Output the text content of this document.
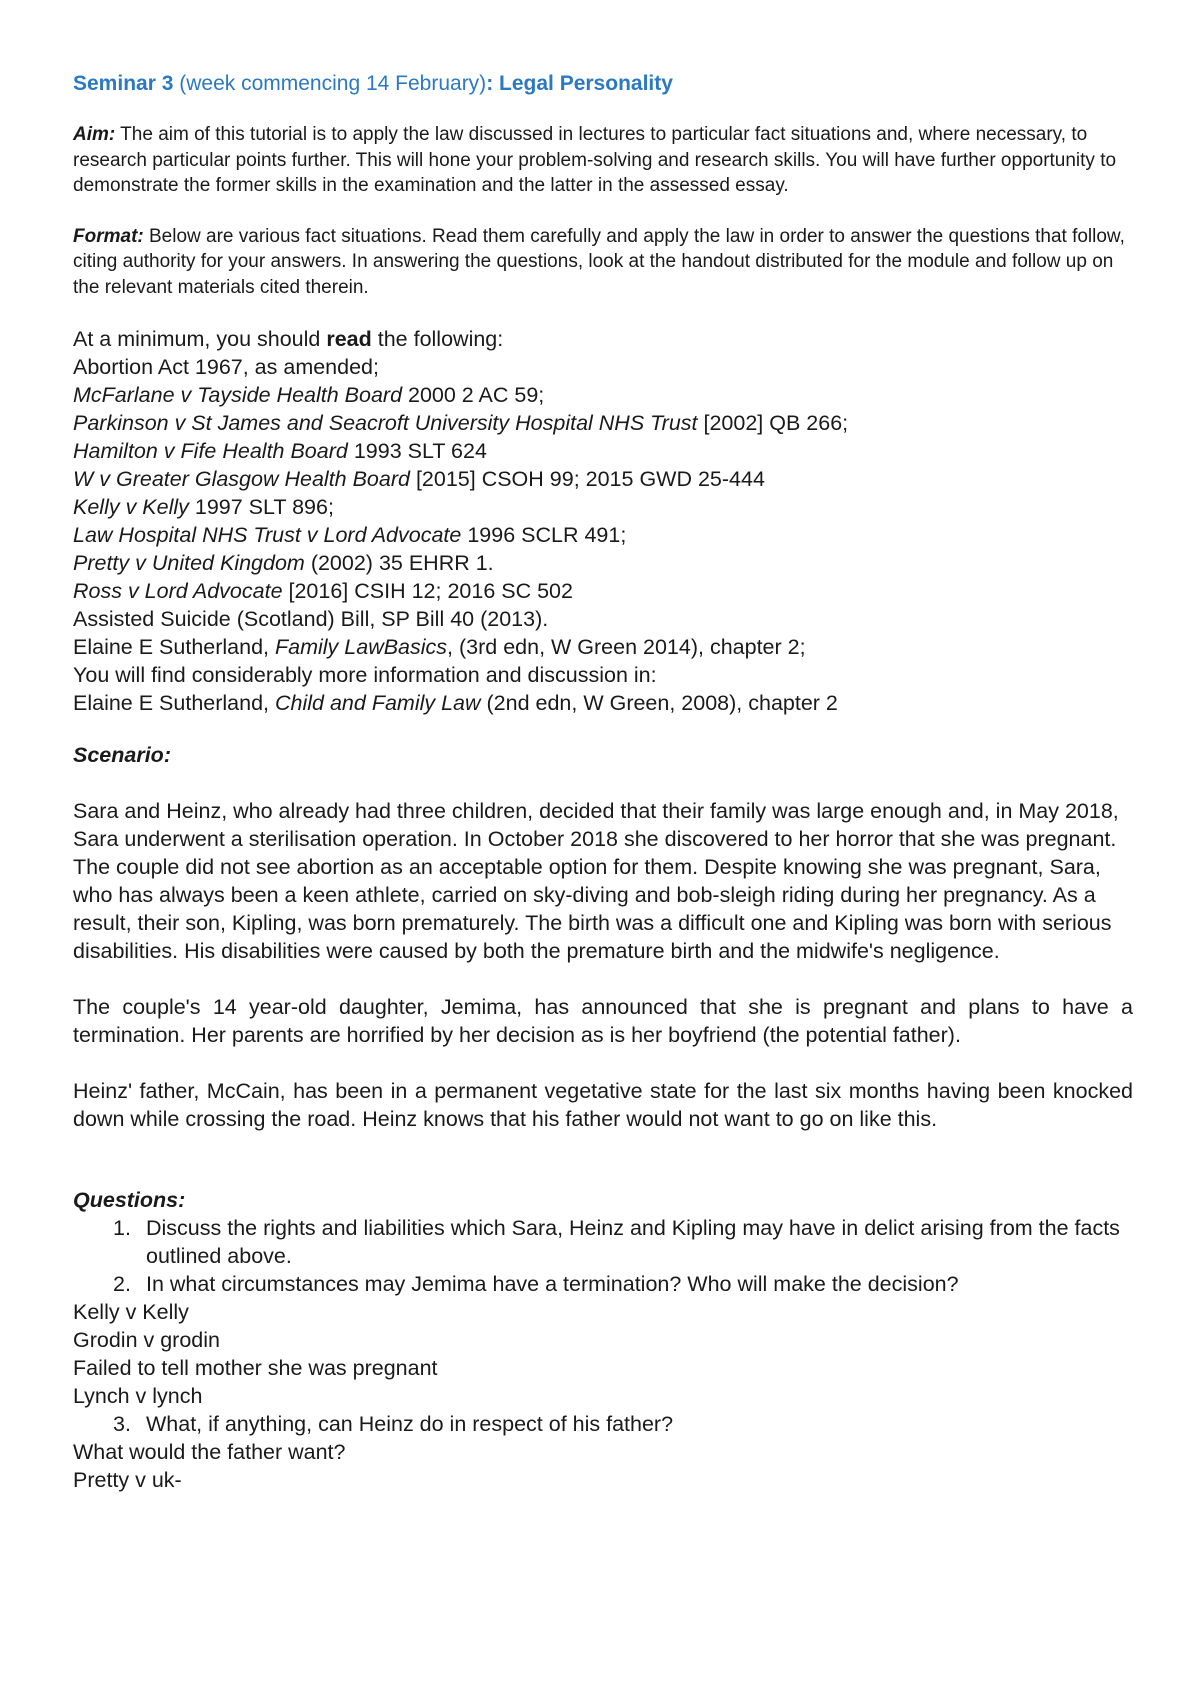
Seminar 3 (week commencing 14 February): Legal Personality

Aim: The aim of this tutorial is to apply the law discussed in lectures to particular fact situations and, where necessary, to research particular points further. This will hone your problem-solving and research skills. You will have further opportunity to demonstrate the former skills in the examination and the latter in the assessed essay.

Format: Below are various fact situations. Read them carefully and apply the law in order to answer the questions that follow, citing authority for your answers. In answering the questions, look at the handout distributed for the module and follow up on the relevant materials cited therein.

At a minimum, you should read the following:
Abortion Act 1967, as amended;
McFarlane v Tayside Health Board 2000 2 AC 59;
Parkinson v St James and Seacroft University Hospital NHS Trust [2002] QB 266;
Hamilton v Fife Health Board 1993 SLT 624
W v Greater Glasgow Health Board [2015] CSOH 99; 2015 GWD 25-444
Kelly v Kelly 1997 SLT 896;
Law Hospital NHS Trust v Lord Advocate 1996 SCLR 491;
Pretty v United Kingdom (2002) 35 EHRR 1.
Ross v Lord Advocate [2016] CSIH 12; 2016 SC 502
Assisted Suicide (Scotland) Bill, SP Bill 40 (2013).
Elaine E Sutherland, Family LawBasics, (3rd edn, W Green 2014), chapter 2;
You will find considerably more information and discussion in:
Elaine E Sutherland, Child and Family Law (2nd edn, W Green, 2008), chapter 2

Scenario:

Sara and Heinz, who already had three children, decided that their family was large enough and, in May 2018, Sara underwent a sterilisation operation. In October 2018 she discovered to her horror that she was pregnant. The couple did not see abortion as an acceptable option for them. Despite knowing she was pregnant, Sara, who has always been a keen athlete, carried on sky-diving and bob-sleigh riding during her pregnancy. As a result, their son, Kipling, was born prematurely. The birth was a difficult one and Kipling was born with serious disabilities. His disabilities were caused by both the premature birth and the midwife's negligence.

The couple's 14 year-old daughter, Jemima, has announced that she is pregnant and plans to have a termination. Her parents are horrified by her decision as is her boyfriend (the potential father).

Heinz' father, McCain, has been in a permanent vegetative state for the last six months having been knocked down while crossing the road. Heinz knows that his father would not want to go on like this.

Questions:

1. Discuss the rights and liabilities which Sara, Heinz and Kipling may have in delict arising from the facts outlined above.
2. In what circumstances may Jemima have a termination? Who will make the decision?
Kelly v Kelly
Grodin v grodin
Failed to tell mother she was pregnant
Lynch v lynch
3. What, if anything, can Heinz do in respect of his father?
What would the father want?
Pretty v uk-
